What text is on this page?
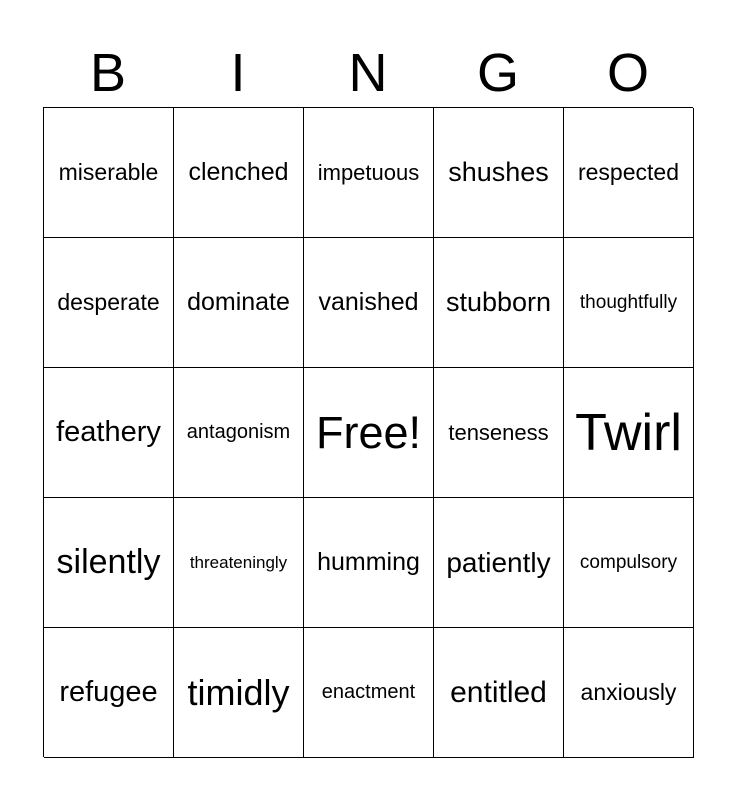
B	I	N	G	O
miserable clenched impetuous shushes respected
desperate dominate vanished stubborn thoughtfully
feathery antagonism Free! tenseness Twirl
silently threateningly humming patiently compulsory
refugee timidly enactment entitled anxiously
